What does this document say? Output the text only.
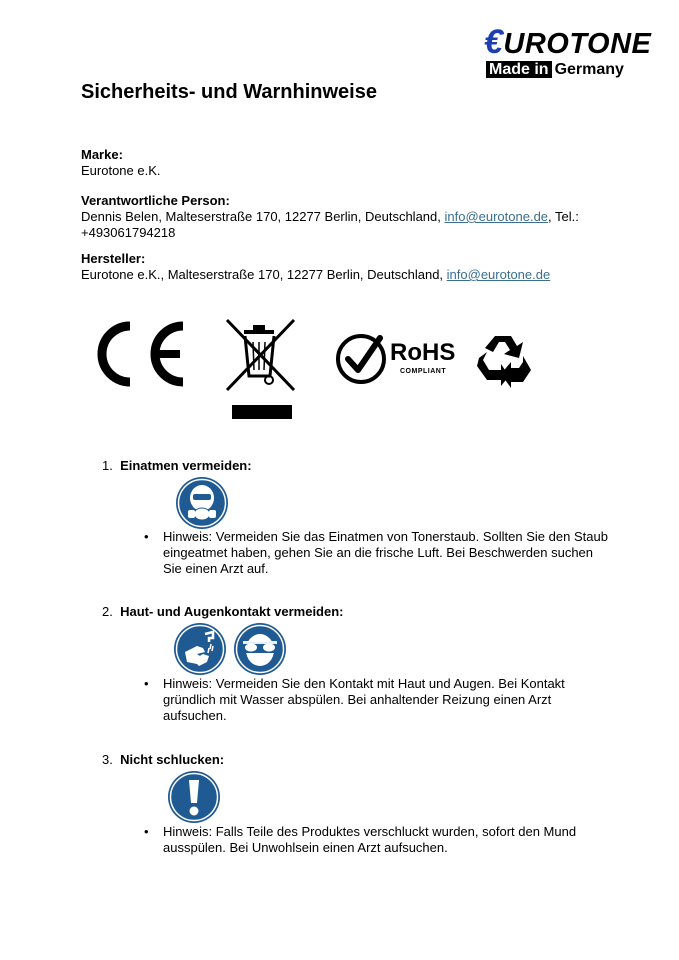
€UROTONE
Made in Germany
Sicherheits- und Warnhinweise
Marke:
Eurotone e.K.
Verantwortliche Person:
Dennis Belen, Malteserstraße 170, 12277 Berlin, Deutschland, info@eurotone.de, Tel.:
+493061794218
Hersteller:
Eurotone e.K., Malteserstraße 170, 12277 Berlin, Deutschland, info@eurotone.de
RoHS
COMPLIANT
1. Einatmen vermeiden:
• Hinweis: Vermeiden Sie das Einatmen von Tonerstaub. Sollten Sie den Staub
eingeatmet haben, gehen Sie an die frische Luft. Bei Beschwerden suchen
Sie einen Arzt auf.
2. Haut- und Augenkontakt vermeiden:
• Hinweis: Vermeiden Sie den Kontakt mit Haut und Augen. Bei Kontakt
gründlich mit Wasser abspülen. Bei anhaltender Reizung einen Arzt
aufsuchen.
3. Nicht schlucken:
• Hinweis: Falls Teile des Produktes verschluckt wurden, sofort den Mund
ausspülen. Bei Unwohlsein einen Arzt aufsuchen.
